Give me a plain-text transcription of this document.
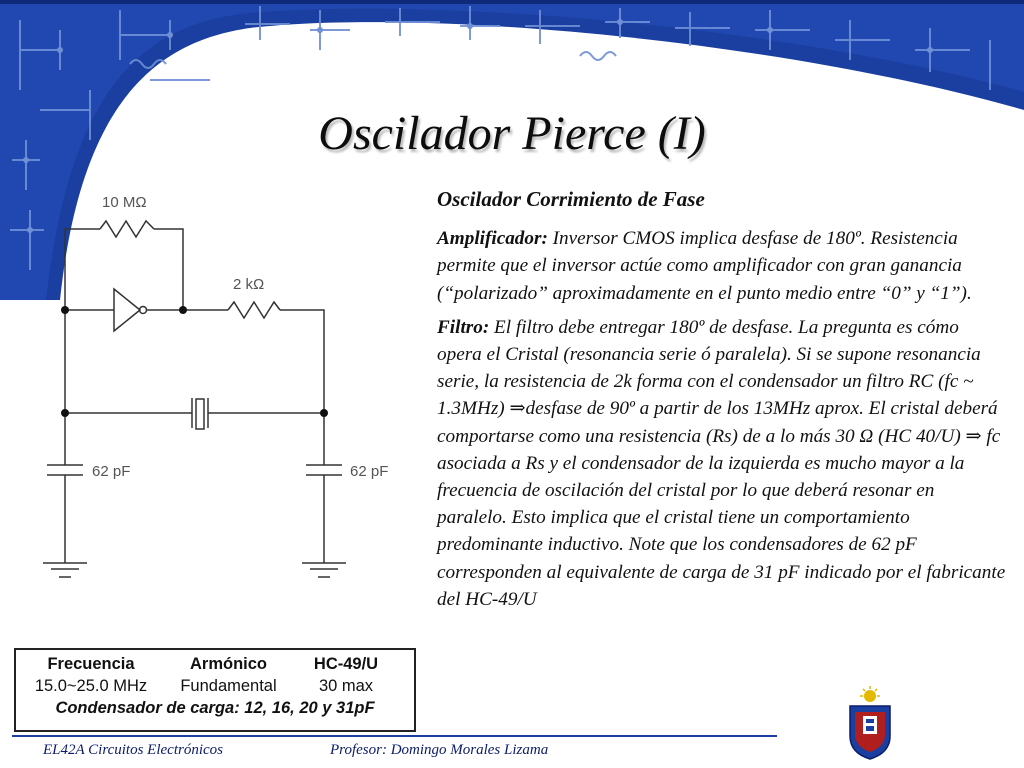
Oscilador Pierce (I)
10 MΩ
2 kΩ
62 pF	62 pF
Oscilador Corrimiento de Fase

Amplificador: Inversor CMOS implica desfase de 180º. Resistencia permite que el inversor actúe como amplificador con gran ganancia (“polarizado” aproximadamente en el punto medio entre “0” y “1”).

Filtro: El filtro debe entregar 180º de desfase. La pregunta es cómo opera el Cristal (resonancia serie ó paralela). Si se supone resonancia serie, la resistencia de 2k forma con el condensador un filtro RC (fc ~ 1.3MHz) ⇒desfase de 90º a partir de los 13MHz aprox. El cristal deberá comportarse como una resistencia (Rs) de a lo más 30 Ω (HC 40/U) ⇒ fc asociada a Rs y el condensador de la izquierda es mucho mayor a la frecuencia de oscilación del cristal por lo que deberá resonar en paralelo. Esto implica que el cristal tiene un comportamiento predominante inductivo. Note que los condensadores de 62 pF corresponden al equivalente de carga de 31 pF indicado por el fabricante del HC-49/U

Frecuencia	Armónico	HC-49/U
15.0~25.0 MHz	Fundamental	30 max
Condensador de carga: 12, 16, 20 y 31pF
EL42A Circuitos Electrónicos	Profesor: Domingo Morales Lizama
